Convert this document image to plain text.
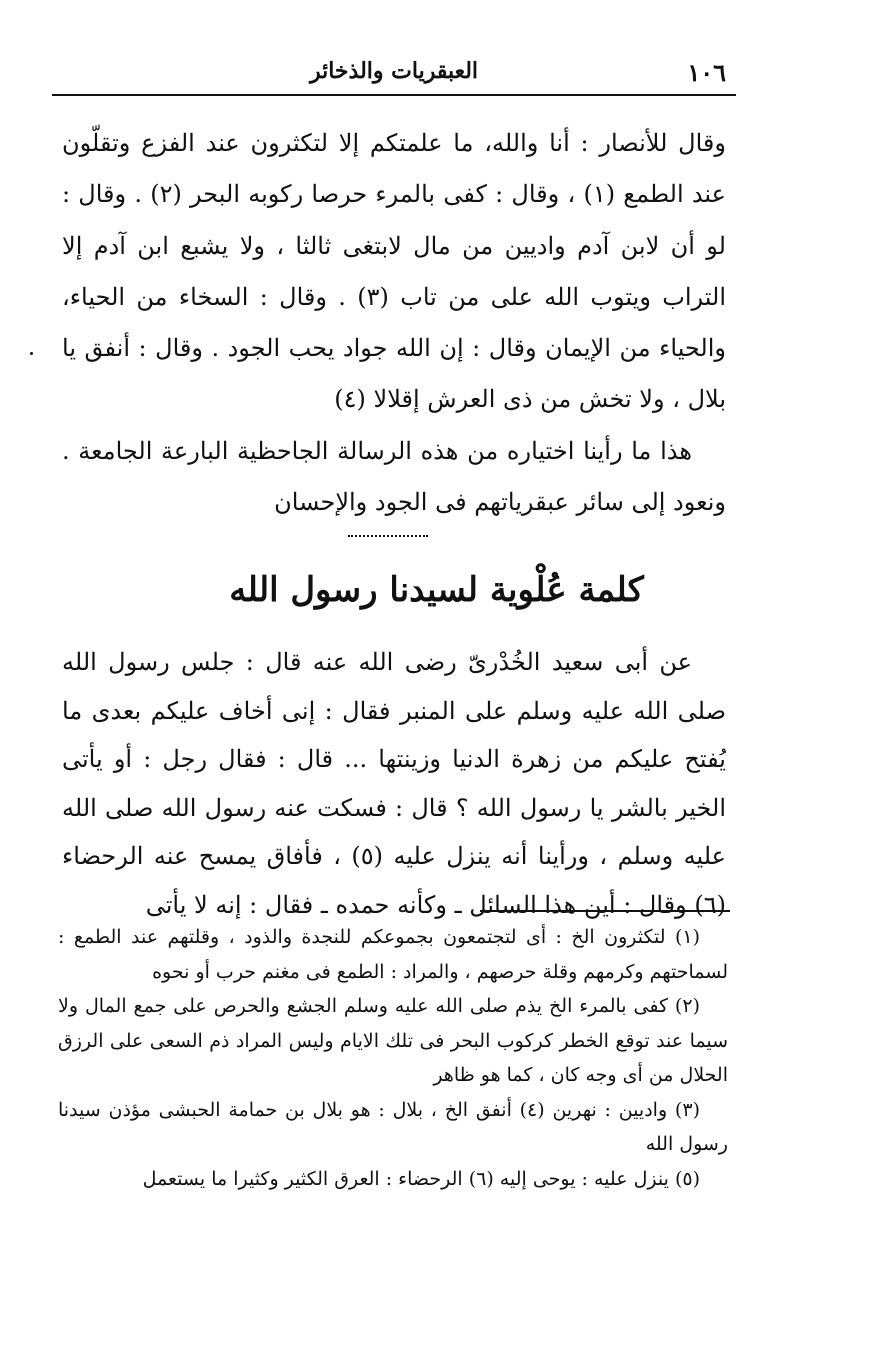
١٠٦
العبقريات والذخائر

وقال للأنصار : أنا والله، ما علمتكم إلا لتكثرون عند الفزع وتقلّون عند الطمع (١) ، وقال : كفى بالمرء حرصا ركوبه البحر (٢) . وقال : لو أن لابن آدم واديين من مال لابتغى ثالثا ، ولا يشبع ابن آدم إلا التراب ويتوب الله على من تاب (٣) . وقال : السخاء من الحياء، والحياء من الإيمان وقال : إن الله جواد يحب الجود . وقال : أنفق يا بلال ، ولا تخش من ذى العرش إقلالا (٤)

هذا ما رأينا اختياره من هذه الرسالة الجاحظية البارعة الجامعة . ونعود إلى سائر عبقرياتهم فى الجود والإحسان

كلمة عُلْوية لسيدنا رسول الله

عن أبى سعيد الخُدْرىّ رضى الله عنه قال : جلس رسول الله صلى الله عليه وسلم على المنبر فقال : إنى أخاف عليكم بعدى ما يُفتح عليكم من زهرة الدنيا وزينتها ... قال : فقال رجل : أو يأتى الخير بالشر يا رسول الله ؟ قال : فسكت عنه رسول الله صلى الله عليه وسلم ، ورأينا أنه ينزل عليه (٥) ، فأفاق يمسح عنه الرحضاء (٦) وقال : أين هذا السائل ـ وكأنه حمده ـ فقال : إنه لا يأتى

(١) لتكثرون الخ : أى لتجتمعون بجموعكم للنجدة والذود ، وقلتهم عند الطمع : لسماحتهم وكرمهم وقلة حرصهم ، والمراد : الطمع فى مغنم حرب أو نحوه

(٢) كفى بالمرء الخ يذم صلى الله عليه وسلم الجشع والحرص على جمع المال ولا سيما عند توقع الخطر كركوب البحر فى تلك الايام وليس المراد ذم السعى على الرزق الحلال من أى وجه كان ، كما هو ظاهر

(٣) واديين : نهرين (٤) أنفق الخ ، بلال : هو بلال بن حمامة الحبشى مؤذن سيدنا رسول الله

(٥) ينزل عليه : يوحى إليه (٦) الرحضاء : العرق الكثير وكثيرا ما يستعمل
